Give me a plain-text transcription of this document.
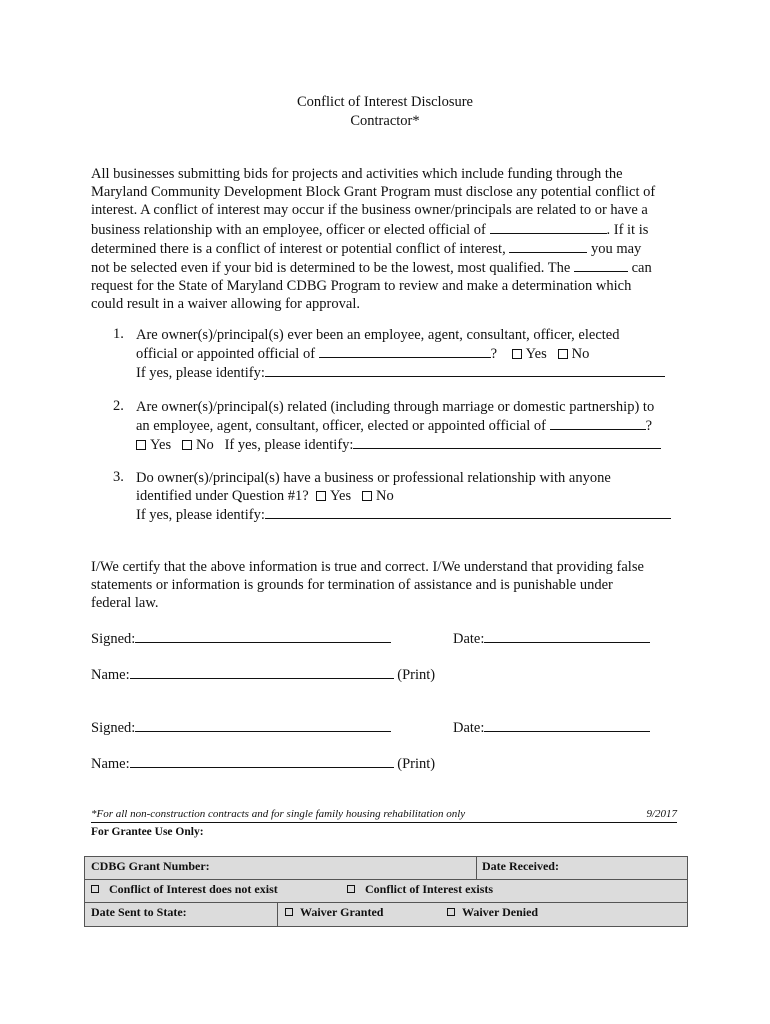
Conflict of Interest Disclosure
Contractor*
All businesses submitting bids for projects and activities which include funding through the
Maryland Community Development Block Grant Program must disclose any potential conflict of
interest. A conflict of interest may occur if the business owner/principals are related to or have a
business relationship with an employee, officer or elected official of	. If it is
determined there is a conflict of interest or potential conflict of interest,	you may
not be selected even if your bid is determined to be the lowest, most qualified. The	can
request for the State of Maryland CDBG Program to review and make a determination which
could result in a waiver allowing for approval.
1. Are owner(s)/principal(s) ever been an employee, agent, consultant, officer, elected
official or appointed official of	? Yes No
If yes, please identify:
2. Are owner(s)/principal(s) related (including through marriage or domestic partnership) to
an employee, agent, consultant, officer, elected or appointed official of	?
Yes No If yes, please identify:
3. Do owner(s)/principal(s) have a business or professional relationship with anyone
identified under Question #1? Yes No
If yes, please identify:
I/We certify that the above information is true and correct. I/We understand that providing false
statements or information is grounds for termination of assistance and is punishable under
federal law.
Signed:	Date:
Name:	(Print)
Signed:	Date:
Name:	(Print)
*For all non-construction contracts and for single family housing rehabilitation only	9/2017
For Grantee Use Only:
CDBG Grant Number:	Date Received:
Conflict of Interest does not exist	Conflict of Interest exists
Date Sent to State:	Waiver Granted	Waiver Denied
